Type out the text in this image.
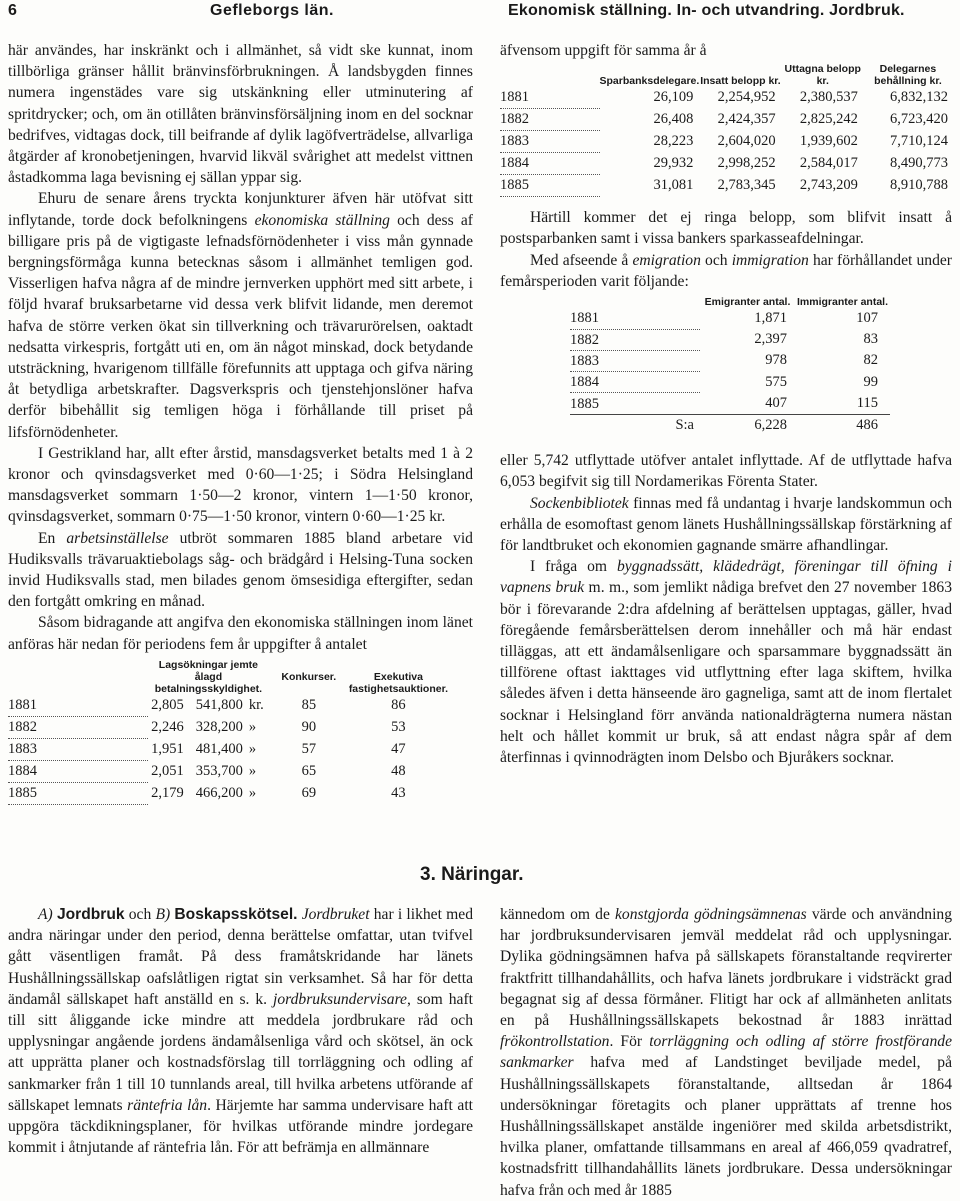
6	Gefleborgs län.	Ekonomisk ställning. In- och utvandring. Jordbruk.

här användes, har inskränkt och i allmänhet, så vidt ske kunnat, inom tillbörliga gränser hållit bränvinsförbrukningen. Å landsbygden finnes numera ingenstädes vare sig utskänkning eller utminutering af spritdrycker; och, om än otillåten bränvinsförsäljning inom en del socknar bedrifves, vidtagas dock, till beifrande af dylik lagöfverträdelse, allvarliga åtgärder af kronobetjeningen, hvarvid likväl svårighet att medelst vittnen åstadkomma laga bevisning ej sällan yppar sig.

Ehuru de senare årens tryckta konjunkturer äfven här utöfvat sitt inflytande, torde dock befolkningens ekonomiska ställning och dess af billigare pris på de vigtigaste lefnadsförnödenheter i viss mån gynnade bergningsförmåga kunna betecknas såsom i allmänhet temligen god. Visserligen hafva några af de mindre jernverken upphört med sitt arbete, i följd hvaraf bruksarbetarne vid dessa verk blifvit lidande, men deremot hafva de större verken ökat sin tillverkning och trävarurörelsen, oaktadt nedsatta virkespris, fortgått uti en, om än något minskad, dock betydande utsträckning, hvarigenom tillfälle förefunnits att upptaga och gifva näring åt betydliga arbetskrafter. Dagsverkspris och tjenstehjonslöner hafva derför bibehållit sig temligen höga i förhållande till priset på lifsförnödenheter.

I Gestrikland har, allt efter årstid, mansdagsverket betalts med 1 à 2 kronor och qvinsdagsverket med 0·60—1·25; i Södra Helsingland mansdagsverket sommarn 1·50—2 kronor, vintern 1—1·50 kronor, qvinsdagsverket, sommarn 0·75—1·50 kronor, vintern 0·60—1·25 kr.

En arbetsinställelse utbröt sommaren 1885 bland arbetare vid Hudiksvalls trävaruaktiebolags såg- och brädgård i Helsing-Tuna socken invid Hudiksvalls stad, men bilades genom ömsesidiga eftergifter, sedan den fortgått omkring en månad.

Såsom bidragande att angifva den ekonomiska ställningen inom länet anföras här nedan för periodens fem år uppgifter å antalet

	Lagsökningar jemte ålagd betalningsskyldighet.			Konkurser.	Exekutiva fastighetsauktioner.
1881	2,805	541,800	kr.	85	86
1882	2,246	328,200	»	90	53
1883	1,951	481,400	»	57	47
1884	2,051	353,700	»	65	48
1885	2,179	466,200	»	69	43

äfvensom uppgift för samma år å

	Sparbanksdelegare.	Insatt belopp kr.	Uttagna belopp kr.	Delegarnes behållning kr.
1881	26,109	2,254,952	2,380,537	6,832,132
1882	26,408	2,424,357	2,825,242	6,723,420
1883	28,223	2,604,020	1,939,602	7,710,124
1884	29,932	2,998,252	2,584,017	8,490,773
1885	31,081	2,783,345	2,743,209	8,910,788

Härtill kommer det ej ringa belopp, som blifvit insatt å postsparbanken samt i vissa bankers sparkasseafdelningar.

Med afseende å emigration och immigration har förhållandet under femårsperioden varit följande:

	Emigranter antal.	Immigranter antal.
1881	1,871	107
1882	2,397	83
1883	978	82
1884	575	99
1885	407	115
S:a	6,228	486

eller 5,742 utflyttade utöfver antalet inflyttade. Af de utflyttade hafva 6,053 begifvit sig till Nordamerikas Förenta Stater.

Sockenbibliotek finnas med få undantag i hvarje landskommun och erhålla de esomoftast genom länets Hushållningssällskap förstärkning af för landtbruket och ekonomien gagnande smärre afhandlingar.

I fråga om byggnadssätt, klädedrägt, föreningar till öfning i vapnens bruk m. m., som jemlikt nådiga brefvet den 27 november 1863 bör i förevarande 2:dra afdelning af berättelsen upptagas, gäller, hvad föregående femårsberättelsen derom innehåller och må här endast tilläggas, att ett ändamålsenligare och sparsammare byggnadssätt än tillförene oftast iakttages vid utflyttning efter laga skiftem, hvilka således äfven i detta hänseende äro gagneliga, samt att de inom flertalet socknar i Helsingland förr använda nationaldrägterna numera nästan helt och hållet kommit ur bruk, så att endast några spår af dem återfinnas i qvinnodrägten inom Delsbo och Bjuråkers socknar.

3. Näringar.

A) Jordbruk och B) Boskapsskötsel. Jordbruket har i likhet med andra näringar under den period, denna berättelse omfattar, utan tvifvel gått väsentligen framåt. På dess framåtskridande har länets Hushållningssällskap oafslåtligen rigtat sin verksamhet. Så har för detta ändamål sällskapet haft anställd en s. k. jordbruksundervisare, som haft till sitt åliggande icke mindre att meddela jordbrukare råd och upplysningar angående jordens ändamålsenliga vård och skötsel, än ock att upprätta planer och kostnadsförslag till torrläggning och odling af sankmarker från 1 till 10 tunnlands areal, till hvilka arbetens utförande af sällskapet lemnats räntefria lån. Härjemte har samma undervisare haft att uppgöra täckdikningsplaner, för hvilkas utförande mindre jordegare kommit i åtnjutande af räntefria lån. För att befrämja en allmännare

kännedom om de konstgjorda gödningsämnenas värde och användning har jordbruksundervisaren jemväl meddelat råd och upplysningar. Dylika gödningsämnen hafva på sällskapets föranstaltande reqvirerter fraktfritt tillhandahållits, och hafva länets jordbrukare i vidsträckt grad begagnat sig af dessa förmåner. Flitigt har ock af allmänheten anlitats en på Hushållningssällskapets bekostnad år 1883 inrättad frökontrollstation. För torrläggning och odling af större frostförande sankmarker hafva med af Landstinget beviljade medel, på Hushållningssällskapets föranstaltande, alltsedan år 1864 undersökningar företagits och planer upprättats af trenne hos Hushållningssällskapet anstälde ingeniörer med skilda arbetsdistrikt, hvilka planer, omfattande tillsammans en areal af 466,059 qvadratref, kostnadsfritt tillhandahållits länets jordbrukare. Dessa undersökningar hafva från och med år 1885
